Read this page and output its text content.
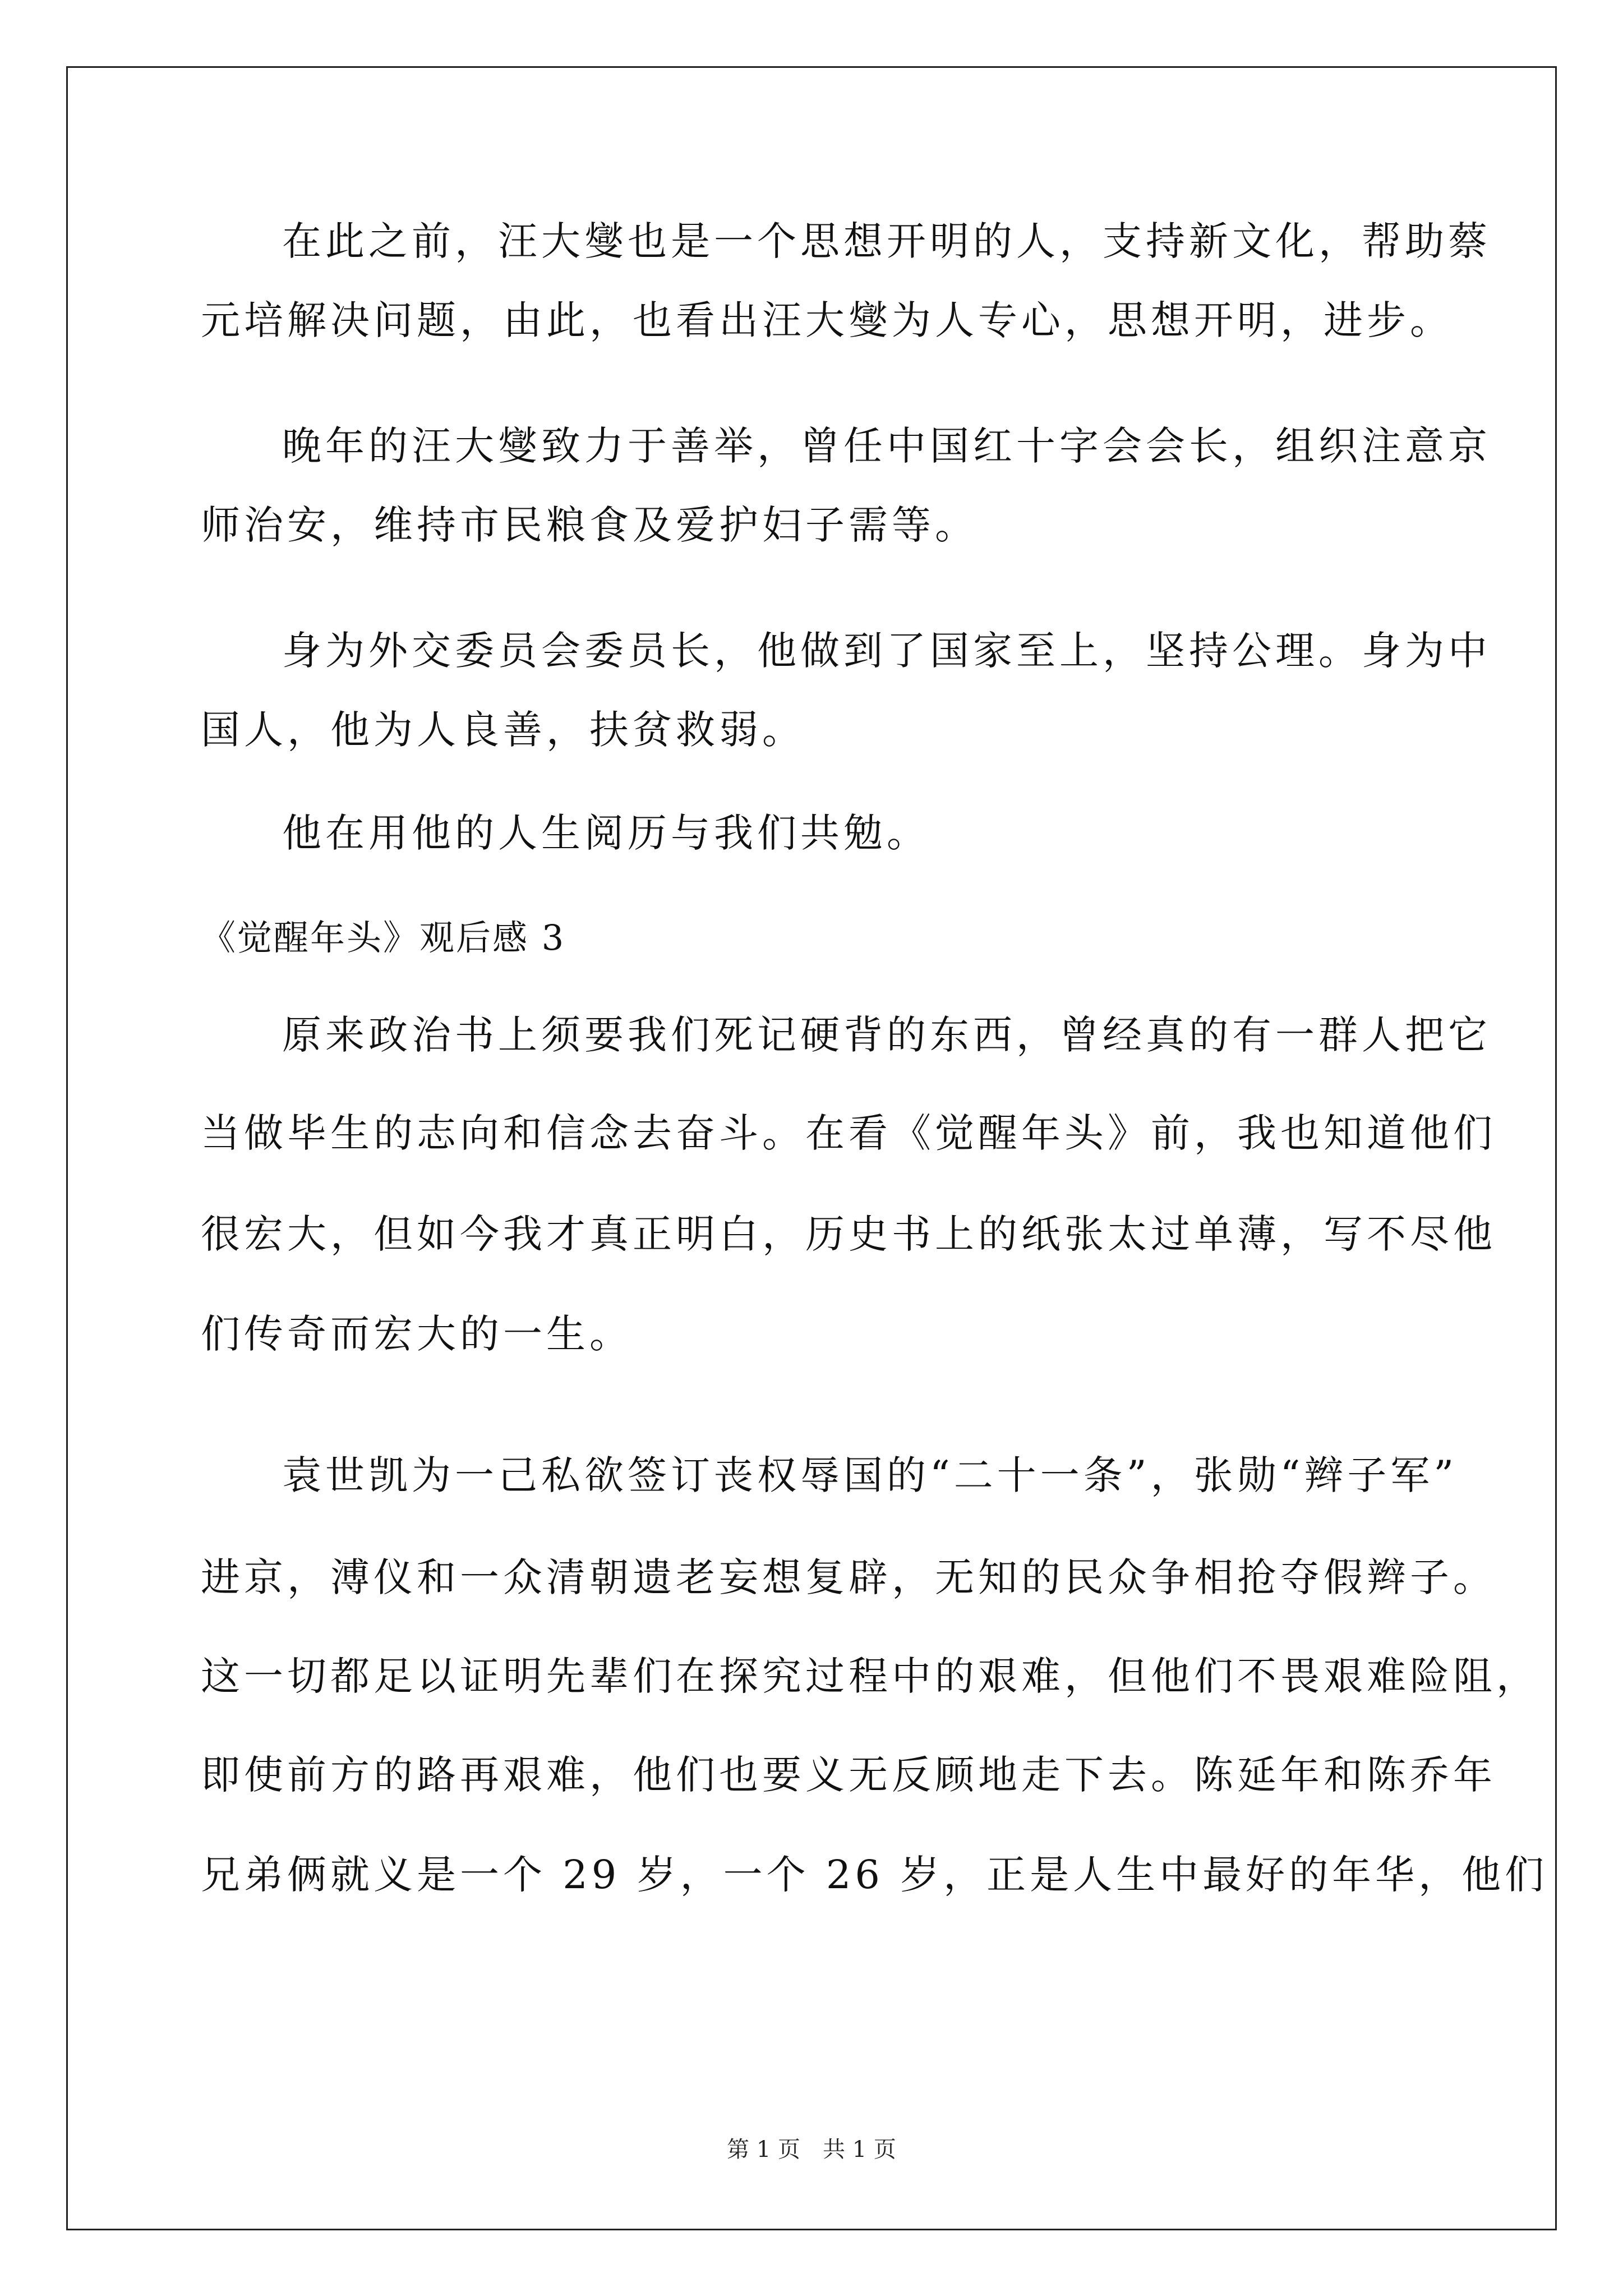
在此之前，汪大燮也是一个思想开明的人，支持新文化，帮助蔡
元培解决问题，由此，也看出汪大燮为人专心，思想开明，进步。
晚年的汪大燮致力于善举，曾任中国红十字会会长，组织注意京
师治安，维持市民粮食及爱护妇子需等。
身为外交委员会委员长，他做到了国家至上，坚持公理。身为中
国人，他为人良善，扶贫救弱。
他在用他的人生阅历与我们共勉。
《觉醒年头》观后感 3
原来政治书上须要我们死记硬背的东西，曾经真的有一群人把它
当做毕生的志向和信念去奋斗。在看《觉醒年头》前，我也知道他们
很宏大，但如今我才真正明白，历史书上的纸张太过单薄，写不尽他
们传奇而宏大的一生。
袁世凯为一己私欲签订丧权辱国的“二十一条”，张勋“辫子军”
进京，溥仪和一众清朝遗老妄想复辟，无知的民众争相抢夺假辫子。
这一切都足以证明先辈们在探究过程中的艰难，但他们不畏艰难险阻，
即使前方的路再艰难，他们也要义无反顾地走下去。陈延年和陈乔年
兄弟俩就义是一个 29 岁，一个 26 岁，正是人生中最好的年华，他们
第 1 页　共 1 页
